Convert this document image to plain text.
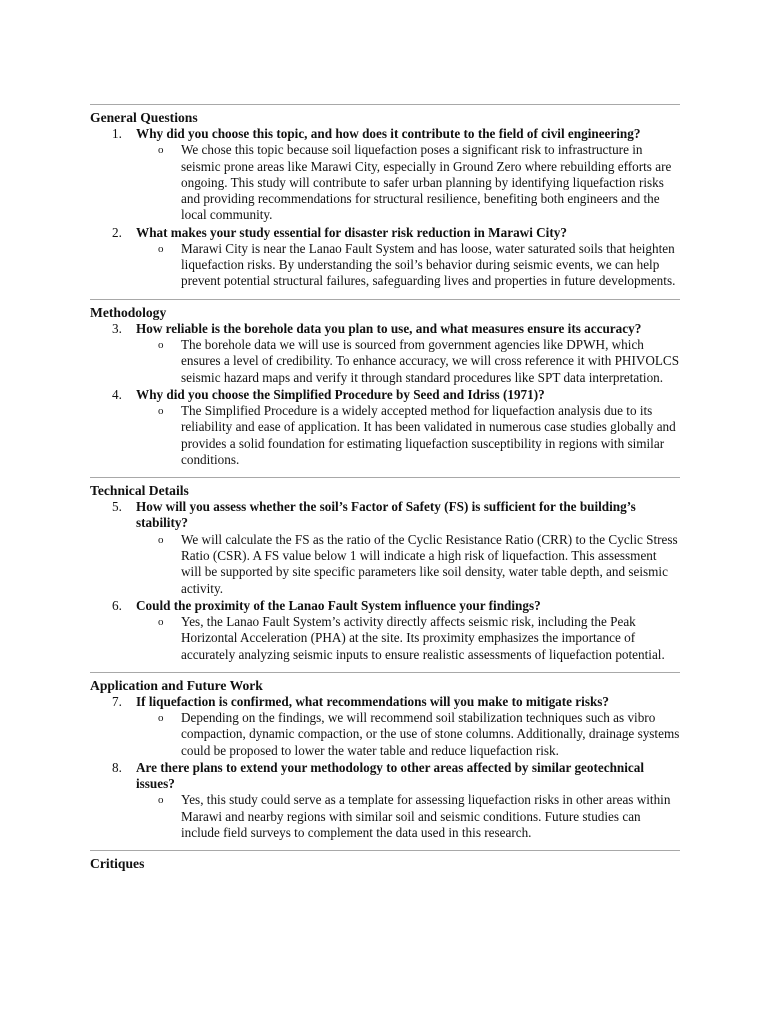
General Questions
1. Why did you choose this topic, and how does it contribute to the field of civil engineering?
o We chose this topic because soil liquefaction poses a significant risk to infrastructure in seismic prone areas like Marawi City, especially in Ground Zero where rebuilding efforts are ongoing. This study will contribute to safer urban planning by identifying liquefaction risks and providing recommendations for structural resilience, benefiting both engineers and the local community.
2. What makes your study essential for disaster risk reduction in Marawi City?
o Marawi City is near the Lanao Fault System and has loose, water saturated soils that heighten liquefaction risks. By understanding the soil’s behavior during seismic events, we can help prevent potential structural failures, safeguarding lives and properties in future developments.
Methodology
3. How reliable is the borehole data you plan to use, and what measures ensure its accuracy?
o The borehole data we will use is sourced from government agencies like DPWH, which ensures a level of credibility. To enhance accuracy, we will cross reference it with PHIVOLCS seismic hazard maps and verify it through standard procedures like SPT data interpretation.
4. Why did you choose the Simplified Procedure by Seed and Idriss (1971)?
o The Simplified Procedure is a widely accepted method for liquefaction analysis due to its reliability and ease of application. It has been validated in numerous case studies globally and provides a solid foundation for estimating liquefaction susceptibility in regions with similar conditions.
Technical Details
5. How will you assess whether the soil’s Factor of Safety (FS) is sufficient for the building’s stability?
o We will calculate the FS as the ratio of the Cyclic Resistance Ratio (CRR) to the Cyclic Stress Ratio (CSR). A FS value below 1 will indicate a high risk of liquefaction. This assessment will be supported by site specific parameters like soil density, water table depth, and seismic activity.
6. Could the proximity of the Lanao Fault System influence your findings?
o Yes, the Lanao Fault System’s activity directly affects seismic risk, including the Peak Horizontal Acceleration (PHA) at the site. Its proximity emphasizes the importance of accurately analyzing seismic inputs to ensure realistic assessments of liquefaction potential.
Application and Future Work
7. If liquefaction is confirmed, what recommendations will you make to mitigate risks?
o Depending on the findings, we will recommend soil stabilization techniques such as vibro compaction, dynamic compaction, or the use of stone columns. Additionally, drainage systems could be proposed to lower the water table and reduce liquefaction risk.
8. Are there plans to extend your methodology to other areas affected by similar geotechnical issues?
o Yes, this study could serve as a template for assessing liquefaction risks in other areas within Marawi and nearby regions with similar soil and seismic conditions. Future studies can include field surveys to complement the data used in this research.
Critiques
